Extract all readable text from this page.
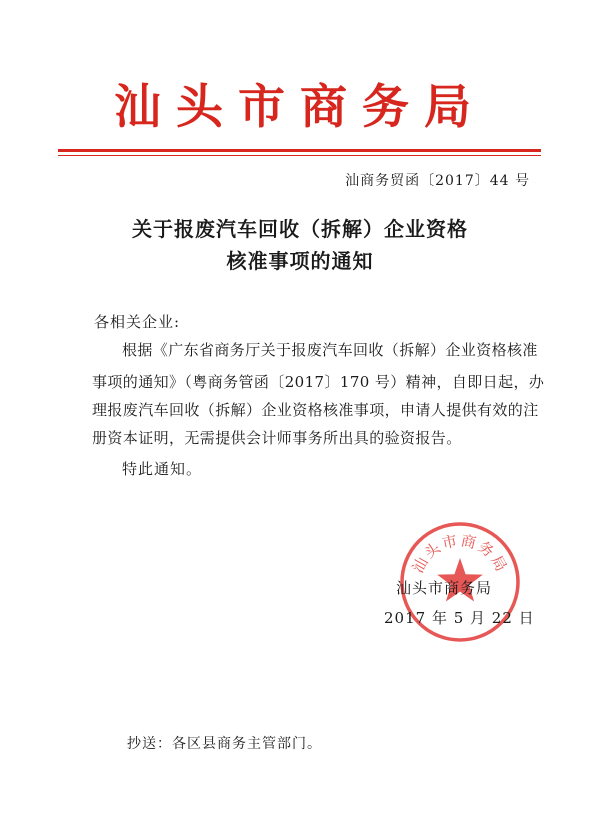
汕头市商务局
汕商务贸函〔2017〕44 号
关于报废汽车回收（拆解）企业资格
核准事项的通知
各相关企业:
根据《广东省商务厅关于报废汽车回收（拆解）企业资格核准
事项的通知》（粤商务管函〔2017〕170 号）精神，自即日起，办
理报废汽车回收（拆解）企业资格核准事项，申请人提供有效的注
册资本证明，无需提供会计师事务所出具的验资报告。
特此通知。
汕头市商务局
汕头市商务局
2017 年 5 月 22 日
抄送：各区县商务主管部门。
